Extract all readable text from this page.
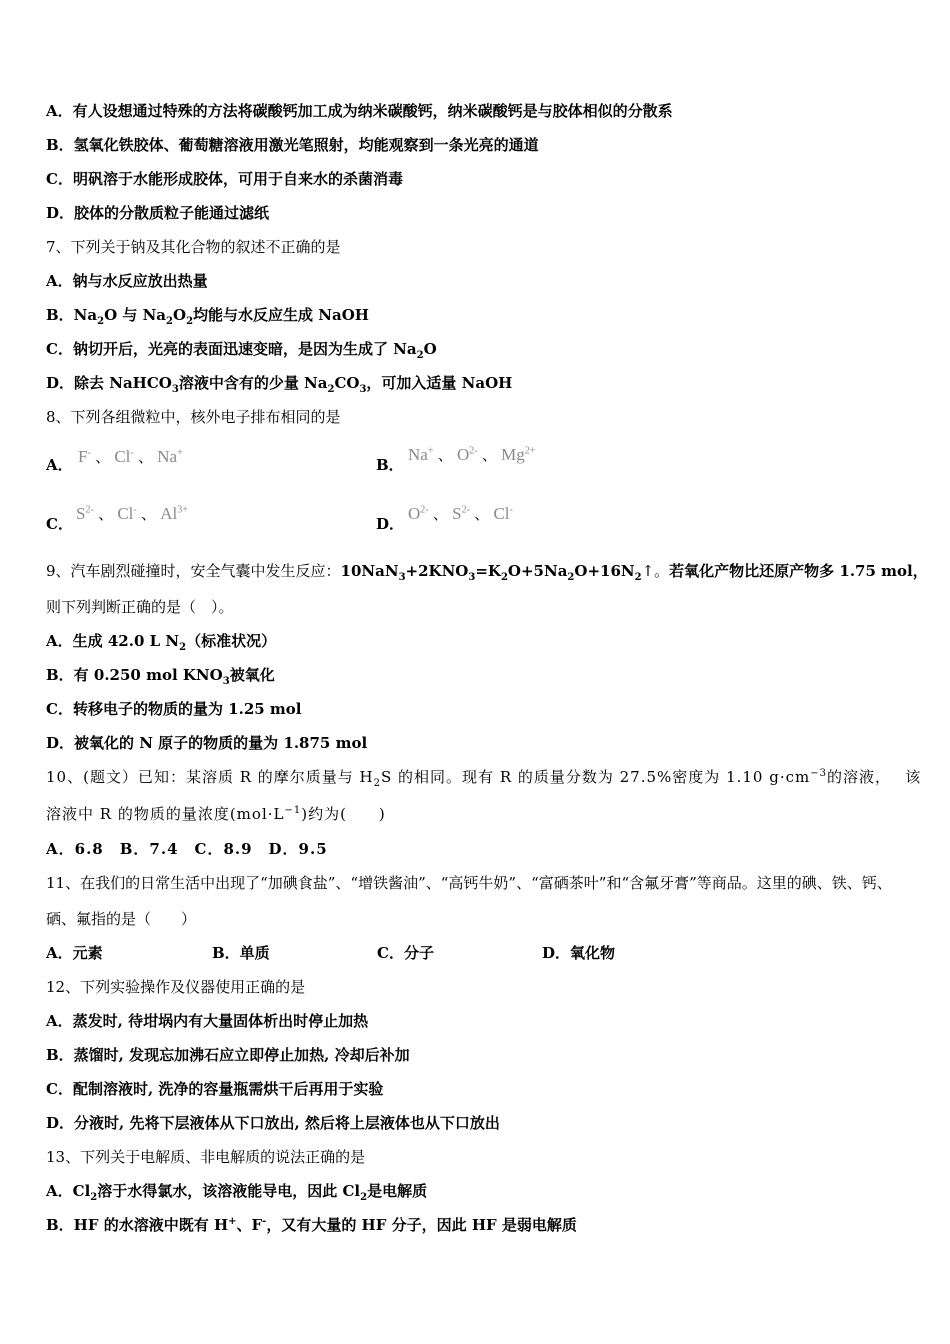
A．有人设想通过特殊的方法将碳酸钙加工成为纳米碳酸钙，纳米碳酸钙是与胶体相似的分散系
B．氢氧化铁胶体、葡萄糖溶液用激光笔照射，均能观察到一条光亮的通道
C．明矾溶于水能形成胶体，可用于自来水的杀菌消毒
D．胶体的分散质粒子能通过滤纸
7、下列关于钠及其化合物的叙述不正确的是
A．钠与水反应放出热量
B．$Na_2O$ 与 $Na_2O_2$均能与水反应生成 NaOH
C．钠切开后，光亮的表面迅速变暗，是因为生成了 $Na_2O$
D．除去 NaHCO$_3$溶液中含有的少量 $Na_2CO_3$，可加入适量 NaOH
8、下列各组微粒中，核外电子排布相同的是
A． F- 、 Cl- 、 Na+
B．
Na+ 、 $O^{2-}$ 、 $Mg^{2+}$
C．
$S^{2-}$ 、 Cl- 、 $Al^{3+}$
D．
$O^{2-}$ 、 $S^{2-}$ 、 Cl-
9、汽车剧烈碰撞时，安全气囊中发生反应：$10NaN_3+2KNO_3=K_2O+5Na_2O+16N_2↑$。若氧化产物比还原产物多 1.75 mol，
则下列判断正确的是（　）。
A．生成 42.0 L $N_2$（标准状况）
B．有 0.250 mol $KNO_3$被氧化
C．转移电子的物质的量为 1.25 mol
D．被氧化的 N 原子的物质的量为 1.875 mol
10、(题文）已知：某溶质 R 的摩尔质量与 $H_2S$ 的相同。现有 R 的质量分数为 27.5%密度为 1.10 $g\cdot cm^{-3}$的溶液，　 该
溶液中 R 的物质的量浓度$(mol\cdot L^{-1})$约为(　　)
A．6.8　B．7.4　C．8.9　D．9.5
11、在我们的日常生活中出现了“加碘食盐”、“增铁酱油”、“高钙牛奶”、“富硒茶叶”和“含氟牙膏”等商品。这里的碘、铁、钙、
硒、氟指的是（　　）
A．元素	B．单质	C．分子	D．氧化物
12、下列实验操作及仪器使用正确的是
A．蒸发时, 待坩埚内有大量固体析出时停止加热
B．蒸馏时, 发现忘加沸石应立即停止加热, 冷却后补加
C．配制溶液时, 洗净的容量瓶需烘干后再用于实验
D．分液时, 先将下层液体从下口放出, 然后将上层液体也从下口放出
13、下列关于电解质、非电解质的说法正确的是
A．$Cl_2$溶于水得氯水，该溶液能导电，因此 $Cl_2$是电解质
B．HF 的水溶液中既有 H+、F-，又有大量的 HF 分子，因此 HF 是弱电解质
